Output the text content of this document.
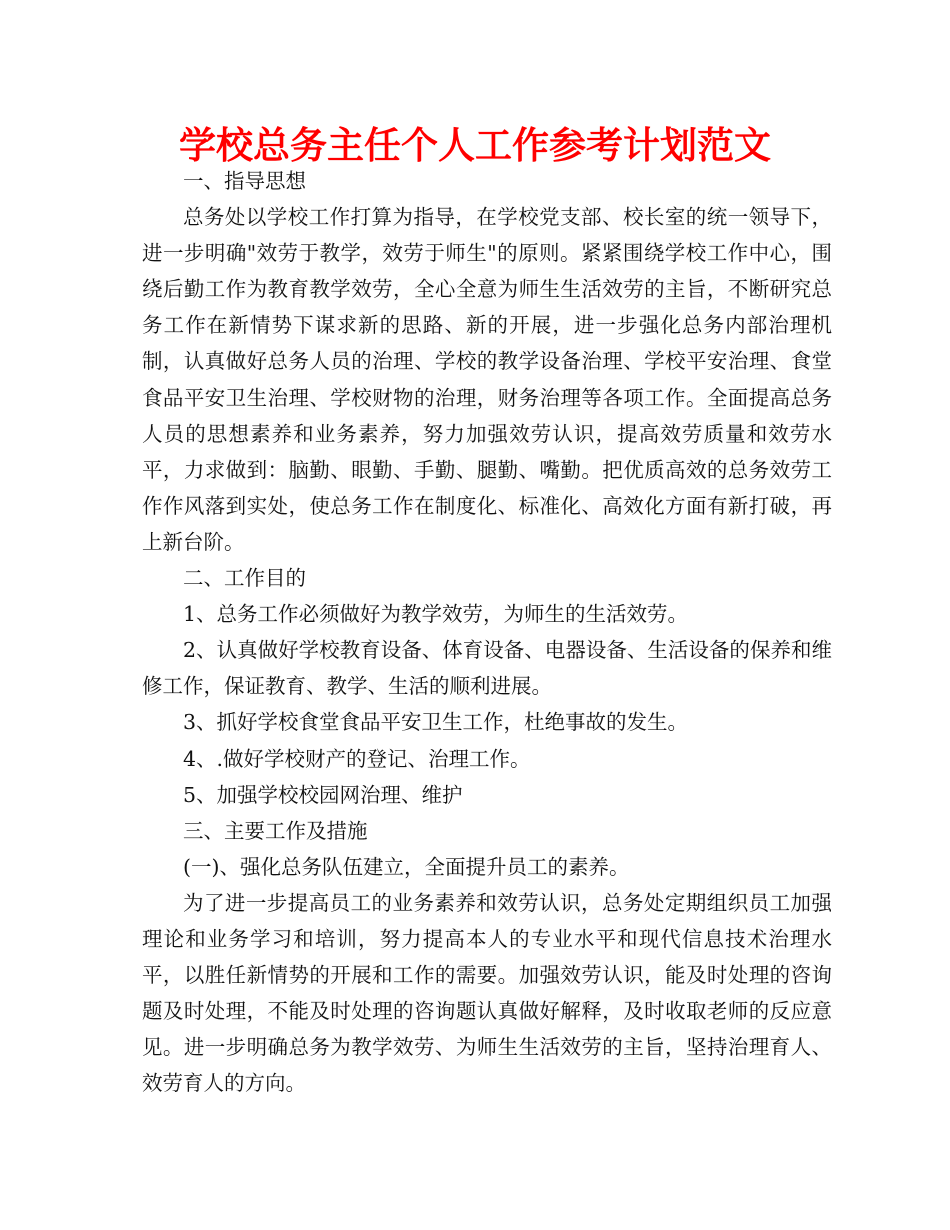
学校总务主任个人工作参考计划范文

一、指导思想

总务处以学校工作打算为指导，在学校党支部、校长室的统一领导下，进一步明确"效劳于教学，效劳于师生"的原则。紧紧围绕学校工作中心，围绕后勤工作为教育教学效劳，全心全意为师生生活效劳的主旨，不断研究总务工作在新情势下谋求新的思路、新的开展，进一步强化总务内部治理机制，认真做好总务人员的治理、学校的教学设备治理、学校平安治理、食堂食品平安卫生治理、学校财物的治理，财务治理等各项工作。全面提高总务人员的思想素养和业务素养，努力加强效劳认识，提高效劳质量和效劳水平，力求做到：脑勤、眼勤、手勤、腿勤、嘴勤。把优质高效的总务效劳工作作风落到实处，使总务工作在制度化、标准化、高效化方面有新打破，再上新台阶。

二、工作目的

1、总务工作必须做好为教学效劳，为师生的生活效劳。

2、认真做好学校教育设备、体育设备、电器设备、生活设备的保养和维修工作，保证教育、教学、生活的顺利进展。

3、抓好学校食堂食品平安卫生工作，杜绝事故的发生。

4、.做好学校财产的登记、治理工作。

5、加强学校校园网治理、维护

三、主要工作及措施

(一)、强化总务队伍建立，全面提升员工的素养。

为了进一步提高员工的业务素养和效劳认识，总务处定期组织员工加强理论和业务学习和培训，努力提高本人的专业水平和现代信息技术治理水平，以胜任新情势的开展和工作的需要。加强效劳认识，能及时处理的咨询题及时处理，不能及时处理的咨询题认真做好解释，及时收取老师的反应意见。进一步明确总务为教学效劳、为师生生活效劳的主旨，坚持治理育人、效劳育人的方向。
